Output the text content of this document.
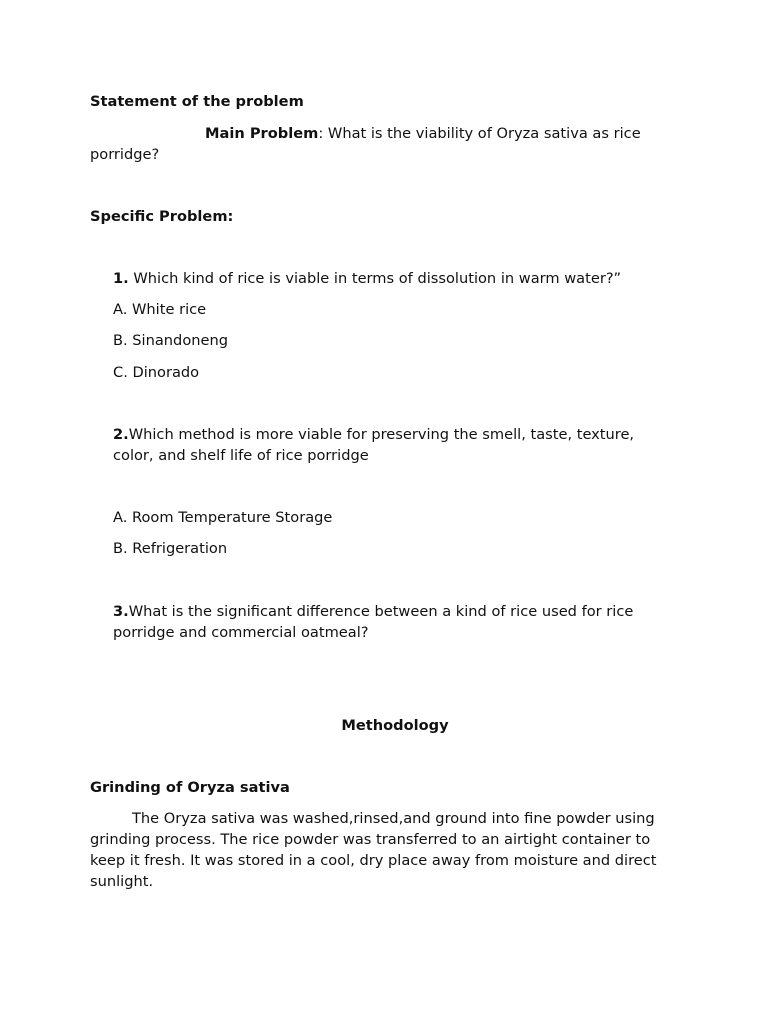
Statement of the problem

Main Problem: What is the viability of Oryza sativa as rice
porridge?

Specific Problem:

1. Which kind of rice is viable in terms of dissolution in warm water?”

A. White rice

B. Sinandoneng

C. Dinorado

2.Which method is more viable for preserving the smell, taste, texture, color, and shelf life of rice porridge

A. Room Temperature Storage

B. Refrigeration

3.What is the significant difference between a kind of rice used for rice porridge and commercial oatmeal?

Methodology

Grinding of Oryza sativa

The Oryza sativa was washed,rinsed,and ground into fine powder using grinding process. The rice powder was transferred to an airtight container to keep it fresh. It was stored in a cool, dry place away from moisture and direct sunlight.
